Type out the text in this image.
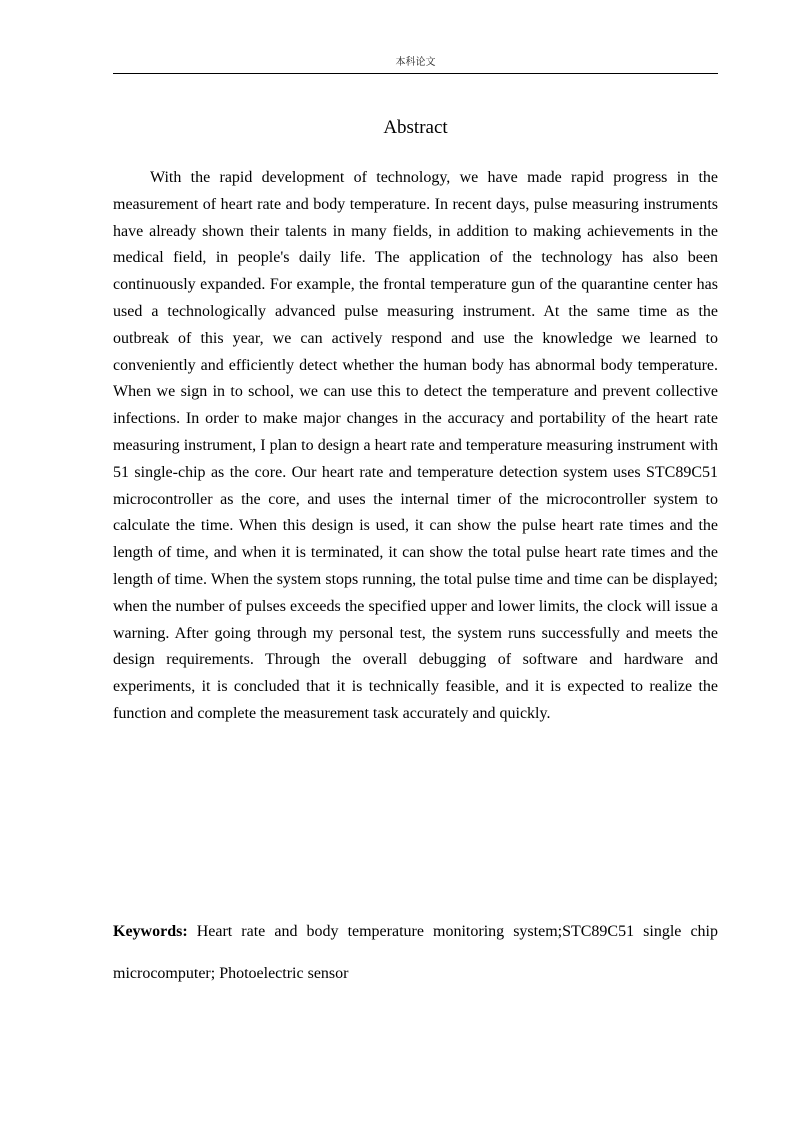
本科论文
Abstract

With the rapid development of technology, we have made rapid progress in the measurement of heart rate and body temperature. In recent days, pulse measuring instruments have already shown their talents in many fields, in addition to making achievements in the medical field, in people's daily life. The application of the technology has also been continuously expanded. For example, the frontal temperature gun of the quarantine center has used a technologically advanced pulse measuring instrument. At the same time as the outbreak of this year, we can actively respond and use the knowledge we learned to conveniently and efficiently detect whether the human body has abnormal body temperature. When we sign in to school, we can use this to detect the temperature and prevent collective infections. In order to make major changes in the accuracy and portability of the heart rate measuring instrument, I plan to design a heart rate and temperature measuring instrument with 51 single-chip as the core. Our heart rate and temperature detection system uses STC89C51 microcontroller as the core, and uses the internal timer of the microcontroller system to calculate the time. When this design is used, it can show the pulse heart rate times and the length of time, and when it is terminated, it can show the total pulse heart rate times and the length of time. When the system stops running, the total pulse time and time can be displayed; when the number of pulses exceeds the specified upper and lower limits, the clock will issue a warning. After going through my personal test, the system runs successfully and meets the design requirements. Through the overall debugging of software and hardware and experiments, it is concluded that it is technically feasible, and it is expected to realize the function and complete the measurement task accurately and quickly.

Keywords: Heart rate and body temperature monitoring system;STC89C51 single chip microcomputer; Photoelectric sensor
